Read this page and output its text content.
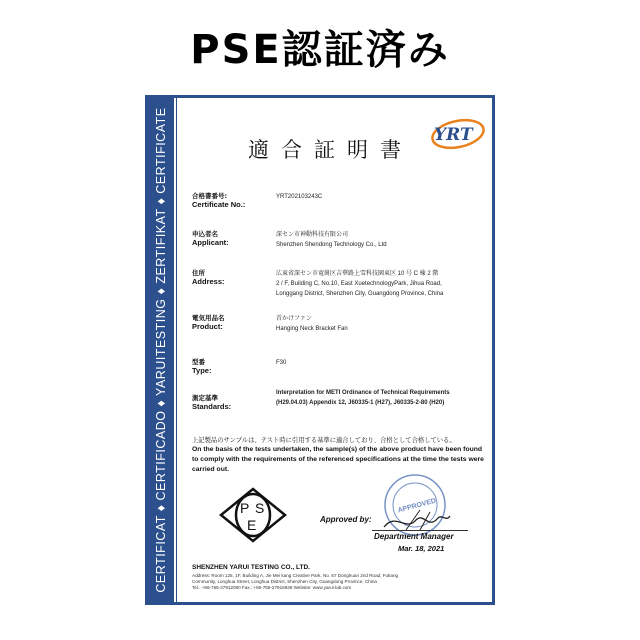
PSE認証済み
CERTIFICAT ♦ CERTIFICADO ♦ YARUITESTING ♦ ZERTIFIKAT ♦ CERTIFICATE	適合証明書
YRT
合格書番号:
Certificate No.:
YRT202103243C
申込者名
Applicant:
深セン市神動科技有限公司
Shenzhen Shendong Technology Co., Ltd
住所
Address:
広東省深セン市竜崗区吉華路上雪科技園東区 10 号 C 棟 2 階
2 / F, Building C, No.10, East XuetechnologyPark, Jihua Road,
Longgang District, Shenzhen City, Guangdong Province, China
電気用品名
Product:
首かけファン
Hanging Neck Bracket Fan
型番
Type:
F30
測定基準
Standards:
Interpretation for METI Ordinance of Technical Requirements
(H29.04.03) Appendix 12, J60335-1 (H27), J60335-2-80 (H20)
上記製品のサンプルは、テスト時に引用する基準に適合しており、合格として合格している。
On the basis of the tests undertaken, the sample(s) of the above product have been found to comply with the requirements of the referenced specifications at the time the tests were carried out.
P S
E	Approved by:
APPROVED
Department Manager
Mar. 18, 2021
SHENZHEN YARUI TESTING CO., LTD.
Address: Room 125, 1F, Building A, Jie Mei kang Creative Park, No. 57 Donghuan 2nd Road, Fukang
Community, Longhua Street, Longhua District, Shenzhen City, Guangdong Province, China
Tel.: +86-755-27912080 Fax.: +86-755-27916936 Website: www.yarui-lab.com
